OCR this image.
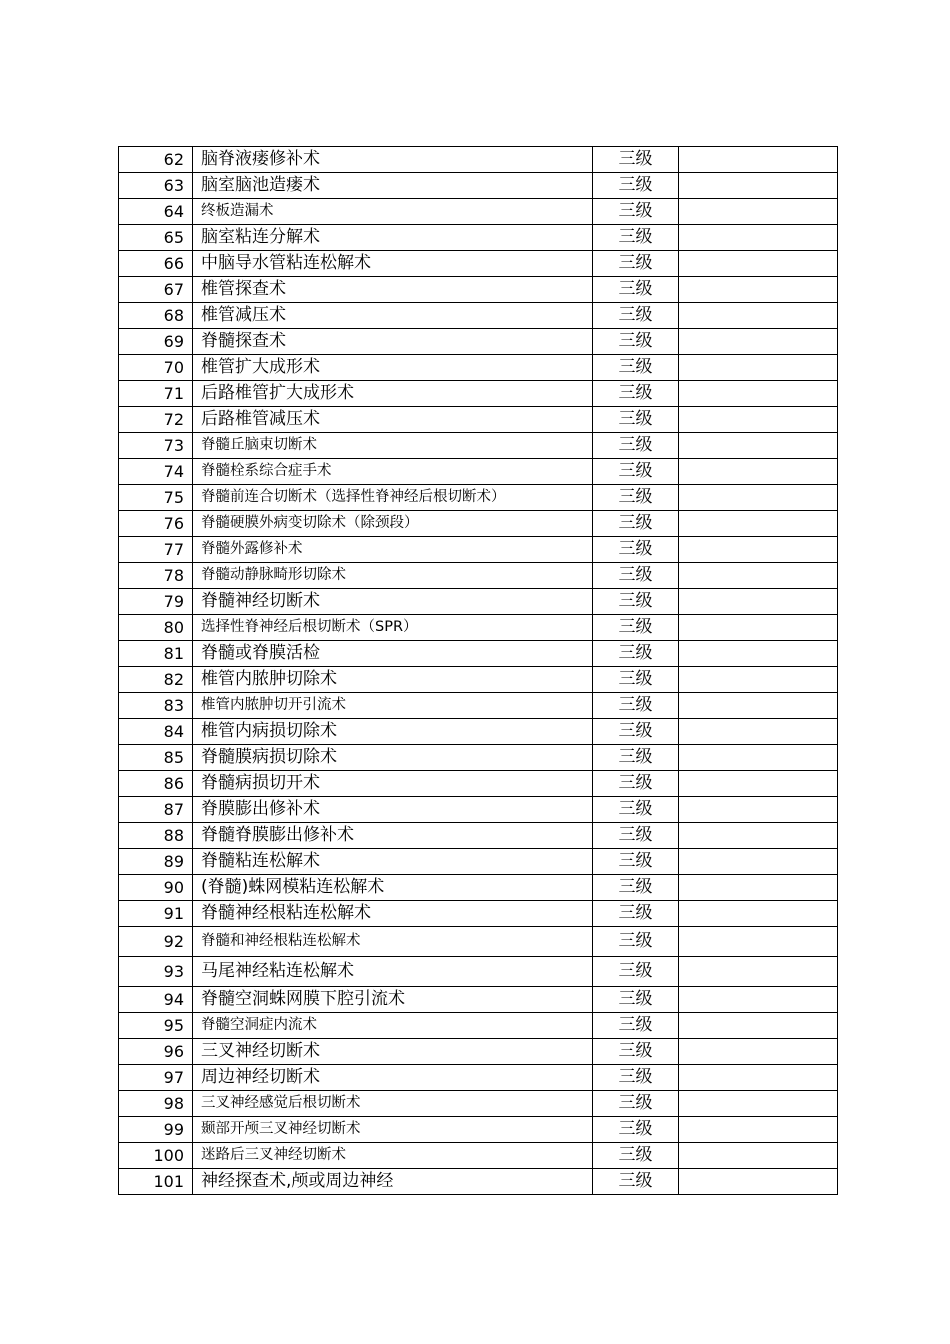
62	脑脊液瘘修补术	三级	
63	脑室脑池造瘘术	三级	
64	终板造漏术	三级	
65	脑室粘连分解术	三级	
66	中脑导水管粘连松解术	三级	
67	椎管探查术	三级	
68	椎管减压术	三级	
69	脊髓探查术	三级	
70	椎管扩大成形术	三级	
71	后路椎管扩大成形术	三级	
72	后路椎管减压术	三级	
73	脊髓丘脑束切断术	三级	
74	脊髓栓系综合症手术	三级	
75	脊髓前连合切断术（选择性脊神经后根切断术）	三级	
76	脊髓硬膜外病变切除术（除颈段）	三级	
77	脊髓外露修补术	三级	
78	脊髓动静脉畸形切除术	三级	
79	脊髓神经切断术	三级	
80	选择性脊神经后根切断术（SPR）	三级	
81	脊髓或脊膜活检	三级	
82	椎管内脓肿切除术	三级	
83	椎管内脓肿切开引流术	三级	
84	椎管内病损切除术	三级	
85	脊髓膜病损切除术	三级	
86	脊髓病损切开术	三级	
87	脊膜膨出修补术	三级	
88	脊髓脊膜膨出修补术	三级	
89	脊髓粘连松解术	三级	
90	(脊髓)蛛网模粘连松解术	三级	
91	脊髓神经根粘连松解术	三级	
92	脊髓和神经根粘连松解术	三级	
93	马尾神经粘连松解术	三级	
94	脊髓空洞蛛网膜下腔引流术	三级	
95	脊髓空洞症内流术	三级	
96	三叉神经切断术	三级	
97	周边神经切断术	三级	
98	三叉神经感觉后根切断术	三级	
99	颞部开颅三叉神经切断术	三级	
100	迷路后三叉神经切断术	三级	
101	神经探查术,颅或周边神经	三级	
